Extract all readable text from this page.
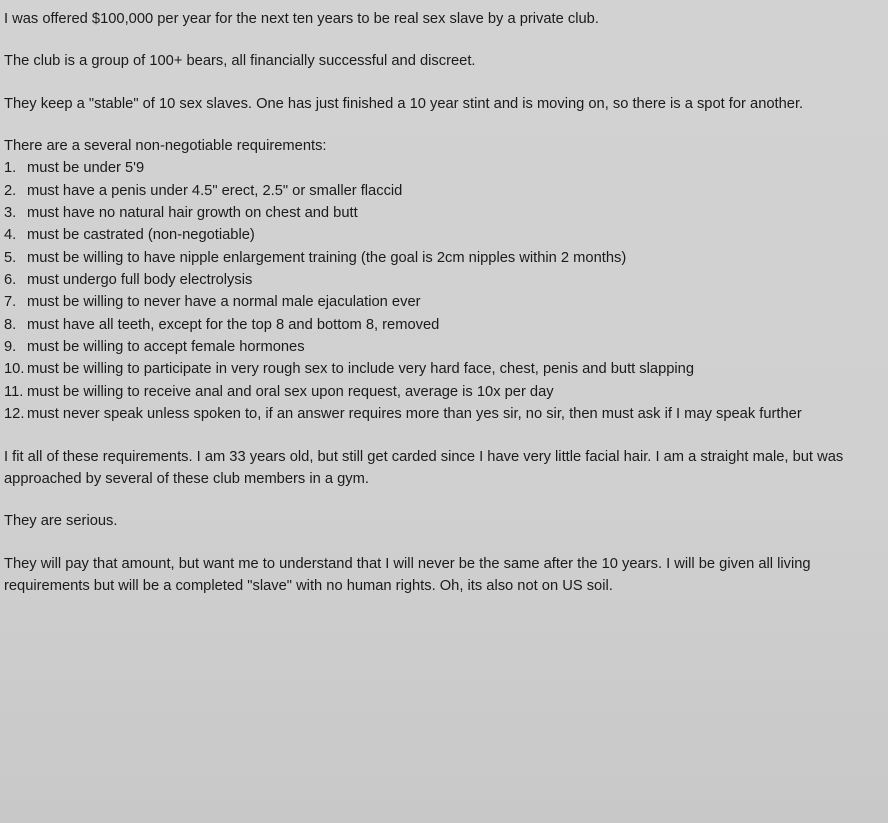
I was offered $100,000 per year for the next ten years to be real sex slave by a private club.

The club is a group of 100+ bears, all financially successful and discreet.

They keep a "stable" of 10 sex slaves. One has just finished a 10 year stint and is moving on, so there is a spot for another.

There are a several non-negotiable requirements:

1. must be under 5'9
2. must have a penis under 4.5" erect, 2.5" or smaller flaccid
3. must have no natural hair growth on chest and butt
4. must be castrated (non-negotiable)
5. must be willing to have nipple enlargement training (the goal is 2cm nipples within 2 months)
6. must undergo full body electrolysis
7. must be willing to never have a normal male ejaculation ever
8. must have all teeth, except for the top 8 and bottom 8, removed
9. must be willing to accept female hormones
10. must be willing to participate in very rough sex to include very hard face, chest, penis and butt slapping
11. must be willing to receive anal and oral sex upon request, average is 10x per day
12. must never speak unless spoken to, if an answer requires more than yes sir, no sir, then must ask if I may speak further

I fit all of these requirements. I am 33 years old, but still get carded since I have very little facial hair. I am a straight male, but was approached by several of these club members in a gym.

They are serious.

They will pay that amount, but want me to understand that I will never be the same after the 10 years. I will be given all living requirements but will be a completed "slave" with no human rights. Oh, its also not on US soil.
